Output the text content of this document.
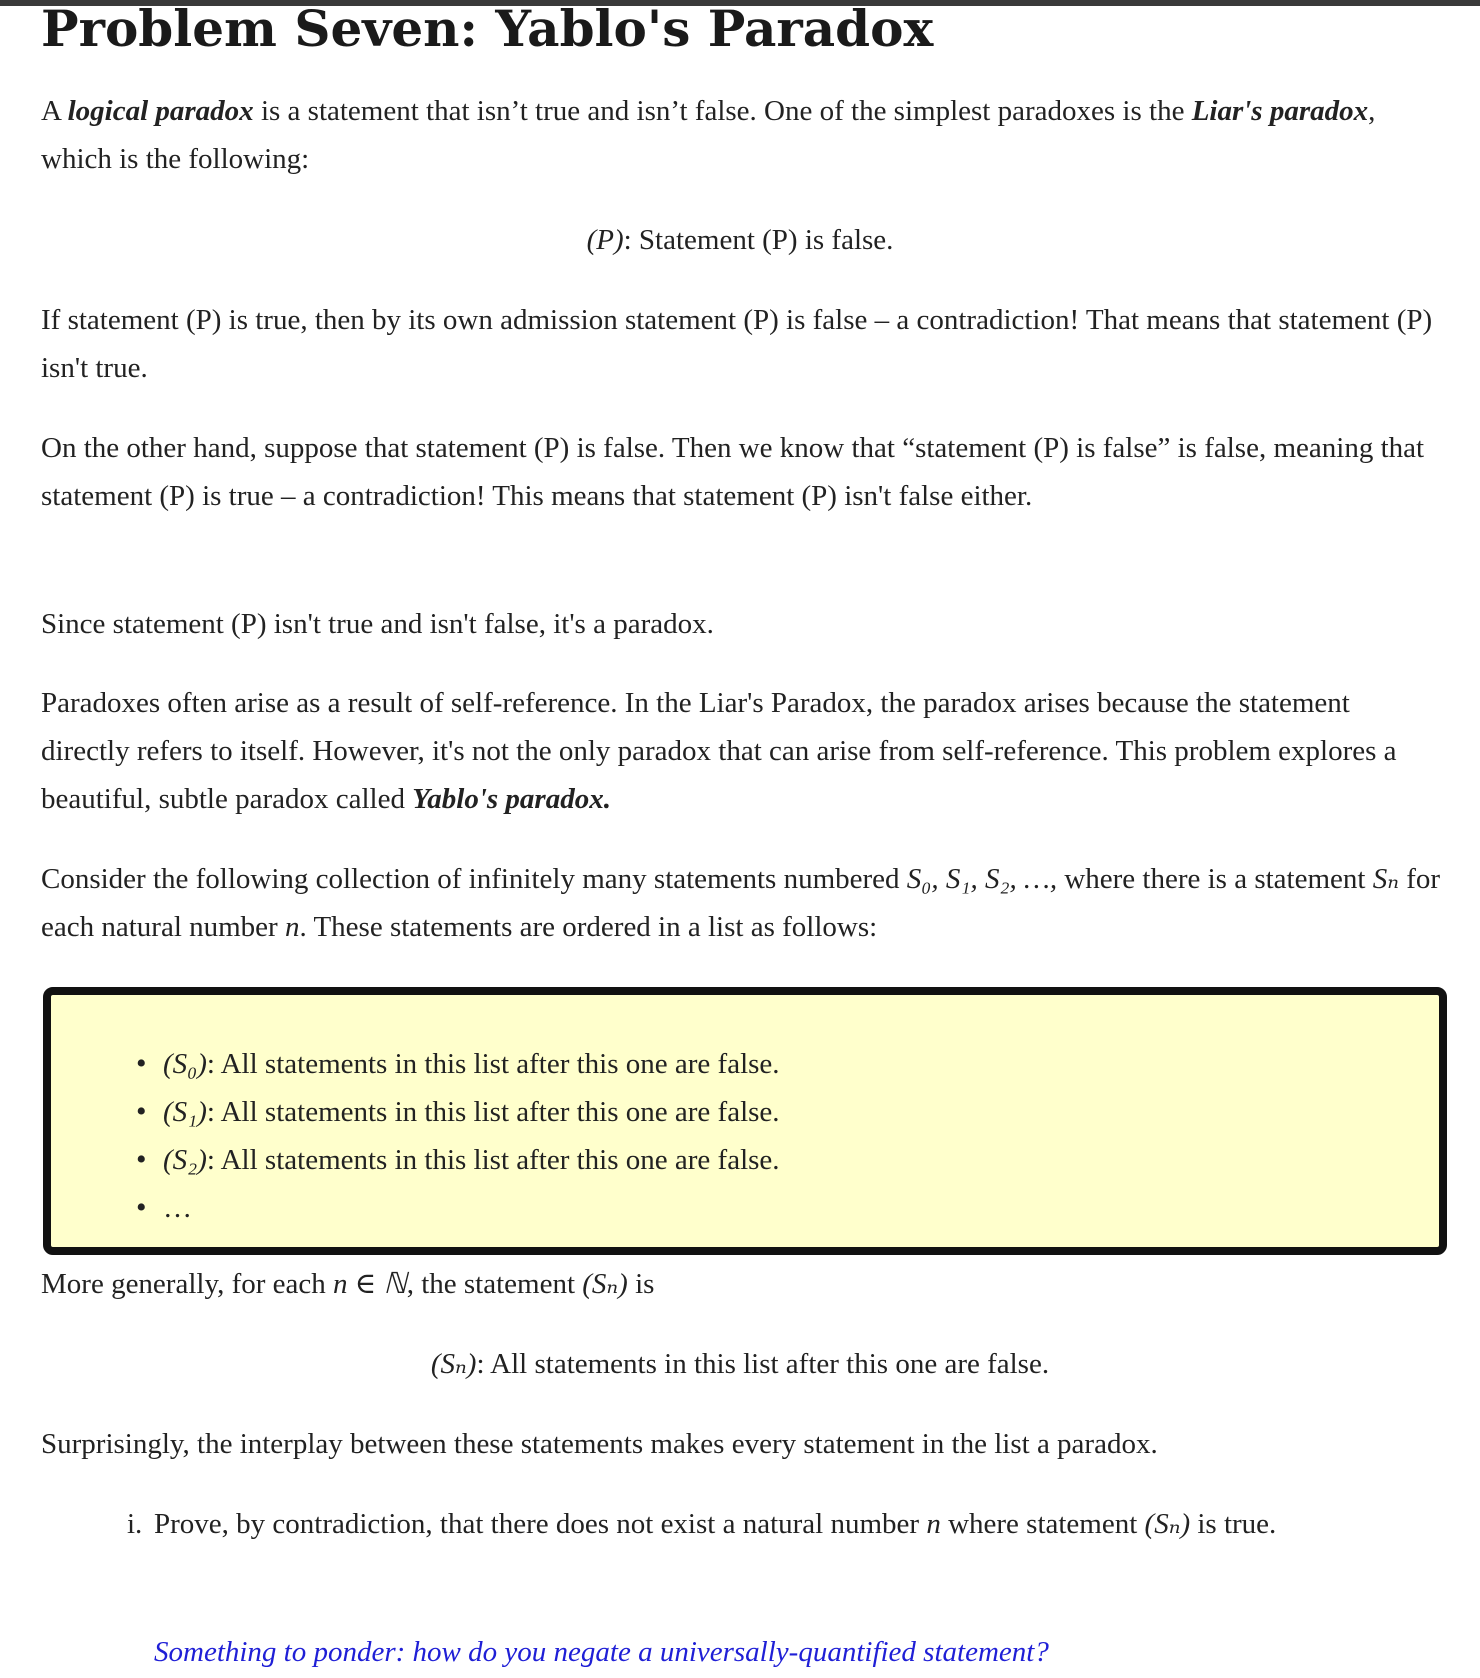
Problem Seven: Yablo's Paradox

A logical paradox is a statement that isn’t true and isn’t false. One of the simplest paradoxes is the Liar's paradox, which is the following:

(P): Statement (P) is false.

If statement (P) is true, then by its own admission statement (P) is false – a contradiction! That means that statement (P) isn't true.

On the other hand, suppose that statement (P) is false. Then we know that “statement (P) is false” is false, meaning that statement (P) is true – a contradiction! This means that statement (P) isn't false either.

Since statement (P) isn't true and isn't false, it's a paradox.

Paradoxes often arise as a result of self-reference. In the Liar's Paradox, the paradox arises because the statement directly refers to itself. However, it's not the only paradox that can arise from self-reference. This problem explores a beautiful, subtle paradox called Yablo's paradox.

Consider the following collection of infinitely many statements numbered S₀, S₁, S₂, …, where there is a statement Sₙ for each natural number n. These statements are ordered in a list as follows:

• (S₀): All statements in this list after this one are false.
• (S₁): All statements in this list after this one are false.
• (S₂): All statements in this list after this one are false.
• …

More generally, for each n ∈ ℕ, the statement (Sₙ) is

(Sₙ): All statements in this list after this one are false.

Surprisingly, the interplay between these statements makes every statement in the list a paradox.

i. Prove, by contradiction, that there does not exist a natural number n where statement (Sₙ) is true.

Something to ponder: how do you negate a universally-quantified statement?
